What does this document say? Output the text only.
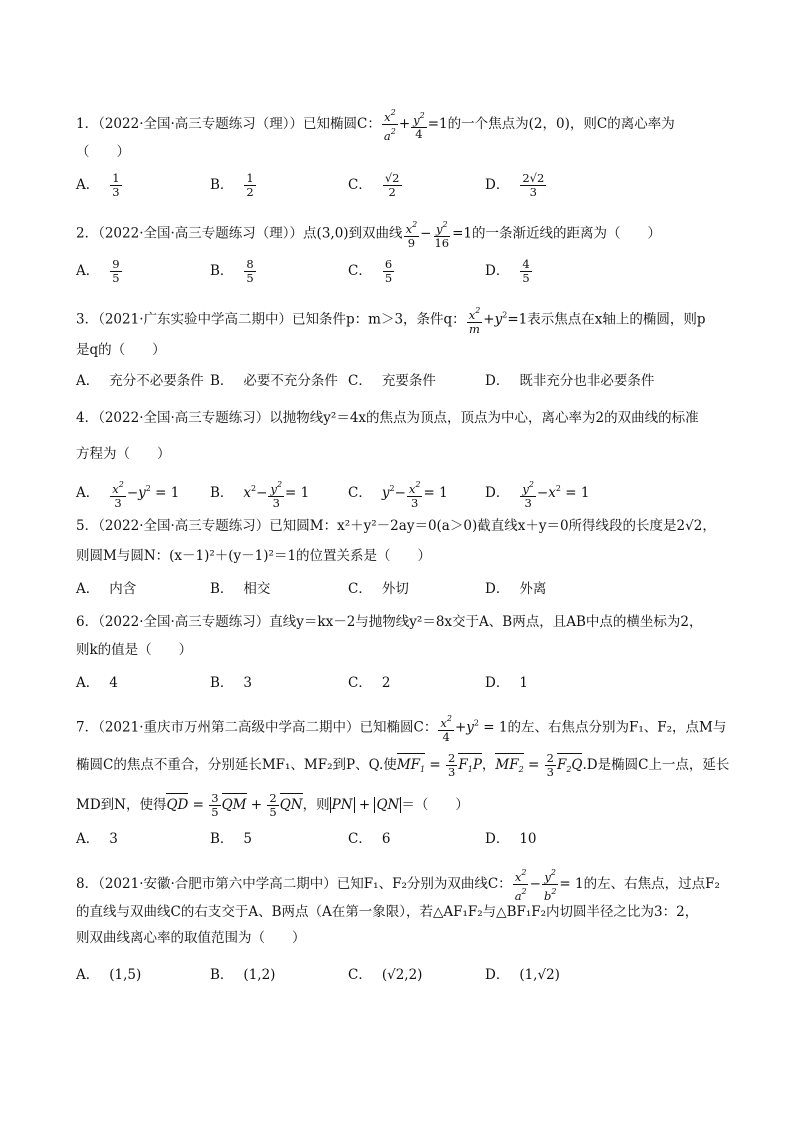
1．（2022·全国·高三专题练习（理））已知椭圆C： $\frac{x^2}{a^2} + \frac{y^2}{4} =1$的一个焦点为(2，0)，则C的离心率为
（　　）
A． $\frac{1}{3}$	B． $\frac{1}{2}$	C． $\frac{√2}{2}$	D． $\frac{2√2}{3}$
2．（2022·全国·高三专题练习（理））点(3,0)到双曲线 $\frac{x^2}{9} - \frac{y^2}{16} =1$的一条渐近线的距离为（　　）
A． $\frac{9}{5}$	B． $\frac{8}{5}$	C． $\frac{6}{5}$	D． $\frac{4}{5}$
3．（2021·广东实验中学高二期中）已知条件p：m＞3，条件q： $\frac{x^2}{m} +y^2=1$表示焦点在x轴上的椭圆，则p
是q的（　　）
A． 充分不必要条件 B． 必要不充分条件 C． 充要条件	D． 既非充分也非必要条件
4．（2022·全国·高三专题练习）以抛物线y²＝4x的焦点为顶点，顶点为中心，离心率为2的双曲线的标准
方程为（　　）
A． $\frac{x^2}{3} -y^2 = 1$ B． $x^2- \frac{y^2}{3} = 1$	C． $y^2- \frac{x^2}{3} = 1$	D． $\frac{y^2}{3} -x^2 = 1$
5．（2022·全国·高三专题练习）已知圆M：x²＋y²－2ay＝0(a＞0)截直线x＋y＝0所得线段的长度是2√2，
则圆M与圆N：(x－1)²＋(y－1)²＝1的位置关系是（　　）
A． 内含	B． 相交	C． 外切	D． 外离
6．（2022·全国·高三专题练习）直线y＝kx－2与抛物线y²＝8x交于A、B两点，且AB中点的横坐标为2，
则k的值是（　　）
A． 4	B． 3	C． 2	D． 1
7．（2021·重庆市万州第二高级中学高二期中）已知椭圆C： $\frac{x^2}{4} +y^2 = 1$的左、右焦点分别为F₁、F₂，点M与
椭圆C的焦点不重合，分别延长MF₁、MF₂到P、Q.使$MF_1 = \frac{2}{3} F_1P$，$MF_2 = \frac{2}{3} F_2Q.D$是椭圆C上一点，延长
MD到N，使得QD = $\frac{3}{5}$ QM + $\frac{2}{5}$ QN，则 PN + QN ＝（　　）
A． 3	B． 5	C． 6	D． 10
8．（2021·安徽·合肥市第六中学高二期中）已知F₁、F₂分别为双曲线C： $\frac{x^2}{a^2} - \frac{y^2}{b^2} = 1$的左、右焦点，过点F₂
的直线与双曲线C的右支交于A、B两点（A在第一象限），若△AF₁F₂与△BF₁F₂内切圆半径之比为3：2，
则双曲线离心率的取值范围为（　　）
A． (1,5)	B． (1,2)	C． (√2,2)	D． (1,√2)
